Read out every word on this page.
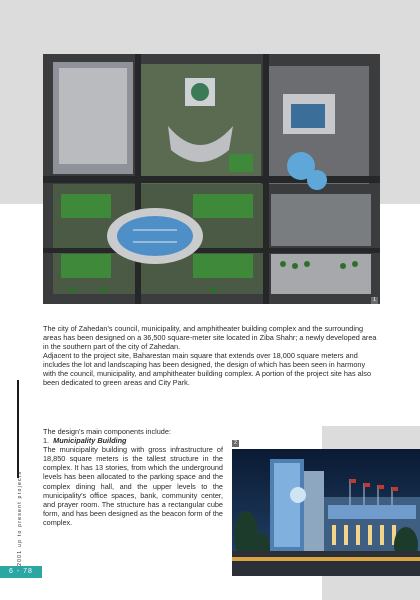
1

The city of Zahedan's council, municipality, and amphitheater building complex and the surrounding areas has been designed on a 36,500 square-meter site located in Ziba Shahr; a newly developed area in the southern part of the city of Zahedan.

Adjacent to the project site, Baharestan main square that extends over 18,000 square meters and includes the lot and landscaping has been designed, the design of which has been seen in harmony with the council, municipality, and amphitheater building complex. A portion of the project site has also been dedicated to green areas and City Park.

The design's main components include:

1. Municipality Building

The municipality building with gross infrastructure of 18,850 square meters is the tallest structure in the complex. It has 13 stories, from which the underground levels has been allocated to the parking space and the complex dining hall, and the upper levels to the municipality's office spaces, bank, community center, and prayer room. The structure has a rectangular cube form, and has been designed as the beacon form of the complex.

2
2001 up to present projects
6 - 78
